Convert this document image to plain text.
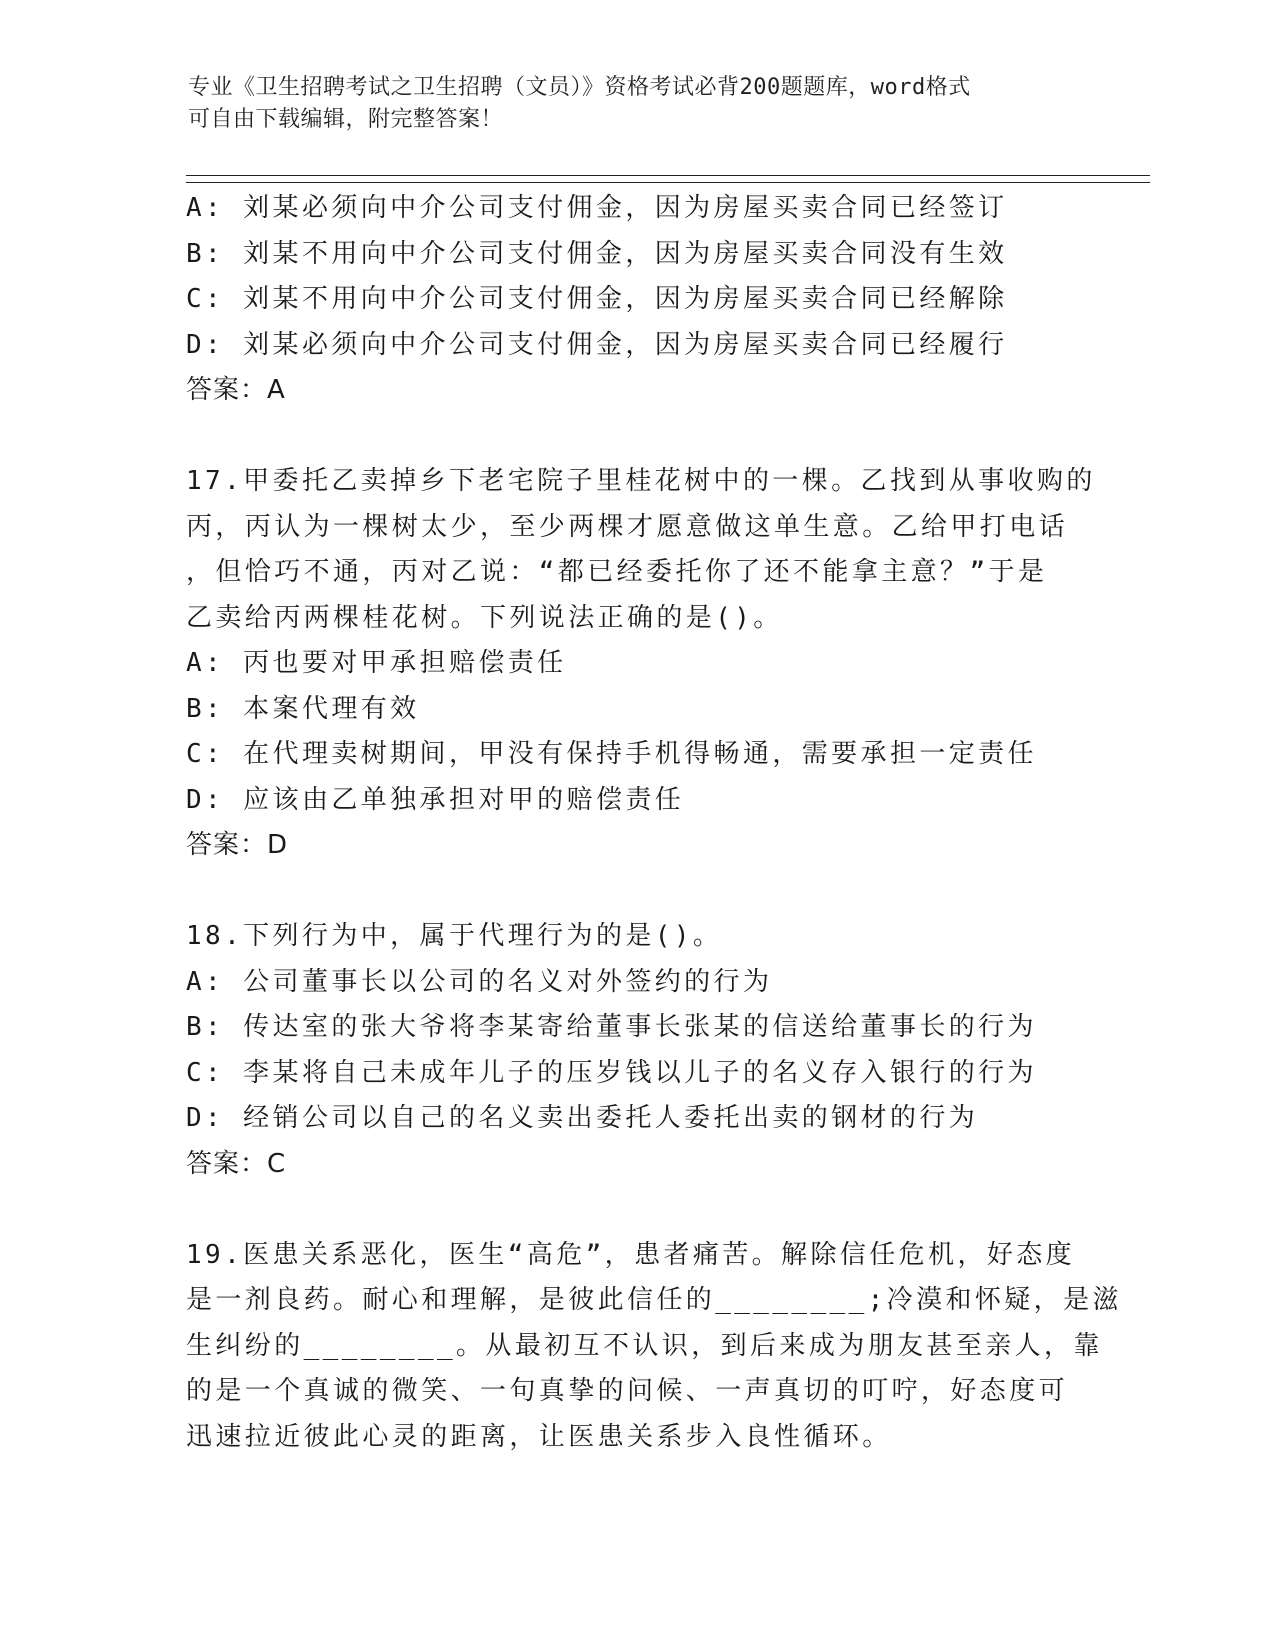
专业《卫生招聘考试之卫生招聘（文员）》资格考试必背200题题库，word格式
可自由下载编辑，附完整答案！
A: 刘某必须向中介公司支付佣金，因为房屋买卖合同已经签订
B: 刘某不用向中介公司支付佣金，因为房屋买卖合同没有生效
C: 刘某不用向中介公司支付佣金，因为房屋买卖合同已经解除
D: 刘某必须向中介公司支付佣金，因为房屋买卖合同已经履行
答案：A
17.甲委托乙卖掉乡下老宅院子里桂花树中的一棵。乙找到从事收购的
丙，丙认为一棵树太少，至少两棵才愿意做这单生意。乙给甲打电话
，但恰巧不通，丙对乙说：“都已经委托你了还不能拿主意？”于是
乙卖给丙两棵桂花树。下列说法正确的是()。
A: 丙也要对甲承担赔偿责任
B: 本案代理有效
C: 在代理卖树期间，甲没有保持手机得畅通，需要承担一定责任
D: 应该由乙单独承担对甲的赔偿责任
答案：D
18.下列行为中，属于代理行为的是()。
A: 公司董事长以公司的名义对外签约的行为
B: 传达室的张大爷将李某寄给董事长张某的信送给董事长的行为
C: 李某将自己未成年儿子的压岁钱以儿子的名义存入银行的行为
D: 经销公司以自己的名义卖出委托人委托出卖的钢材的行为
答案：C
19.医患关系恶化，医生“高危”，患者痛苦。解除信任危机，好态度
是一剂良药。耐心和理解，是彼此信任的________;冷漠和怀疑，是滋
生纠纷的________。从最初互不认识，到后来成为朋友甚至亲人，靠
的是一个真诚的微笑、一句真挚的问候、一声真切的叮咛，好态度可
迅速拉近彼此心灵的距离，让医患关系步入良性循环。
